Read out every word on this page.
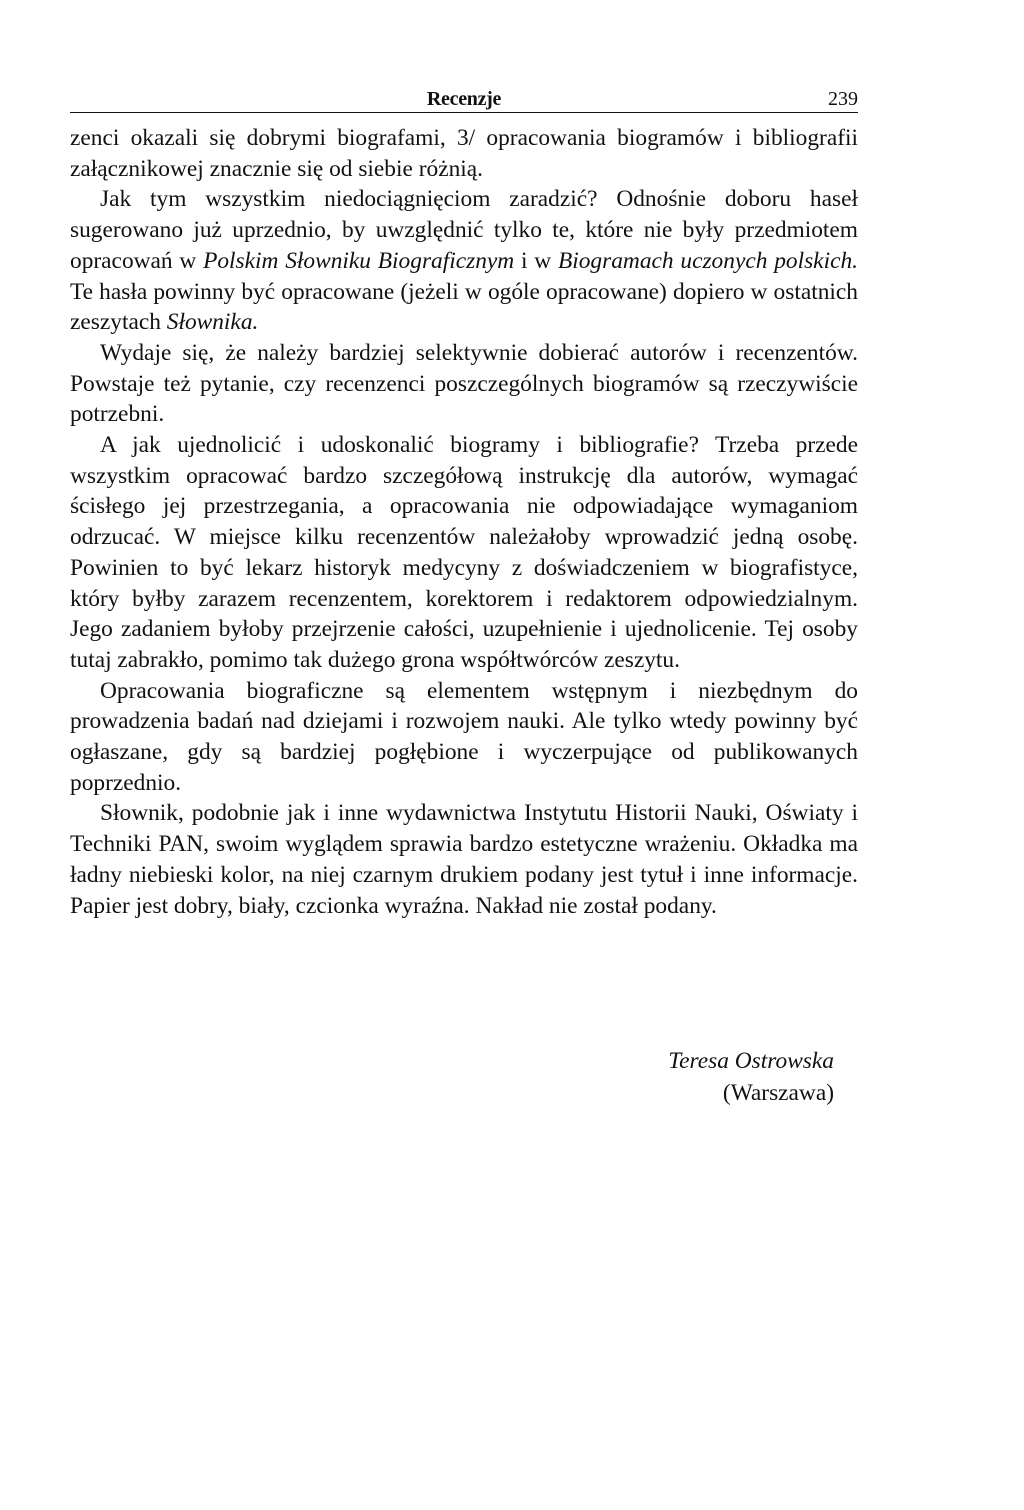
Recenzje	239

zenci okazali się dobrymi biografami, 3/ opracowania biogramów i bibliografii załącznikowej znacznie się od siebie różnią.

Jak tym wszystkim niedociągnięciom zaradzić? Odnośnie doboru haseł sugerowano już uprzednio, by uwzględnić tylko te, które nie były przedmiotem opracowań w Polskim Słowniku Biograficznym i w Biogramach uczonych polskich. Te hasła powinny być opracowane (jeżeli w ogóle opracowane) dopiero w ostatnich zeszytach Słownika.

Wydaje się, że należy bardziej selektywnie dobierać autorów i recenzentów. Powstaje też pytanie, czy recenzenci poszczególnych biogramów są rzeczywiście potrzebni.

A jak ujednolicić i udoskonalić biogramy i bibliografie? Trzeba przede wszystkim opracować bardzo szczegółową instrukcję dla autorów, wymagać ścisłego jej przestrzegania, a opracowania nie odpowiadające wymaganiom odrzucać. W miejsce kilku recenzentów należałoby wprowadzić jedną osobę. Powinien to być lekarz historyk medycyny z doświadczeniem w biografistyce, który byłby zarazem recenzentem, korektorem i redaktorem odpowiedzialnym. Jego zadaniem byłoby przejrzenie całości, uzupełnienie i ujednolicenie. Tej osoby tutaj zabrakło, pomimo tak dużego grona współtwórców zeszytu.

Opracowania biograficzne są elementem wstępnym i niezbędnym do prowadzenia badań nad dziejami i rozwojem nauki. Ale tylko wtedy powinny być ogłaszane, gdy są bardziej pogłębione i wyczerpujące od publikowanych poprzednio.

Słownik, podobnie jak i inne wydawnictwa Instytutu Historii Nauki, Oświaty i Techniki PAN, swoim wyglądem sprawia bardzo estetyczne wrażeniu. Okładka ma ładny niebieski kolor, na niej czarnym drukiem podany jest tytuł i inne informacje. Papier jest dobry, biały, czcionka wyraźna. Nakład nie został podany.

Teresa Ostrowska
(Warszawa)
